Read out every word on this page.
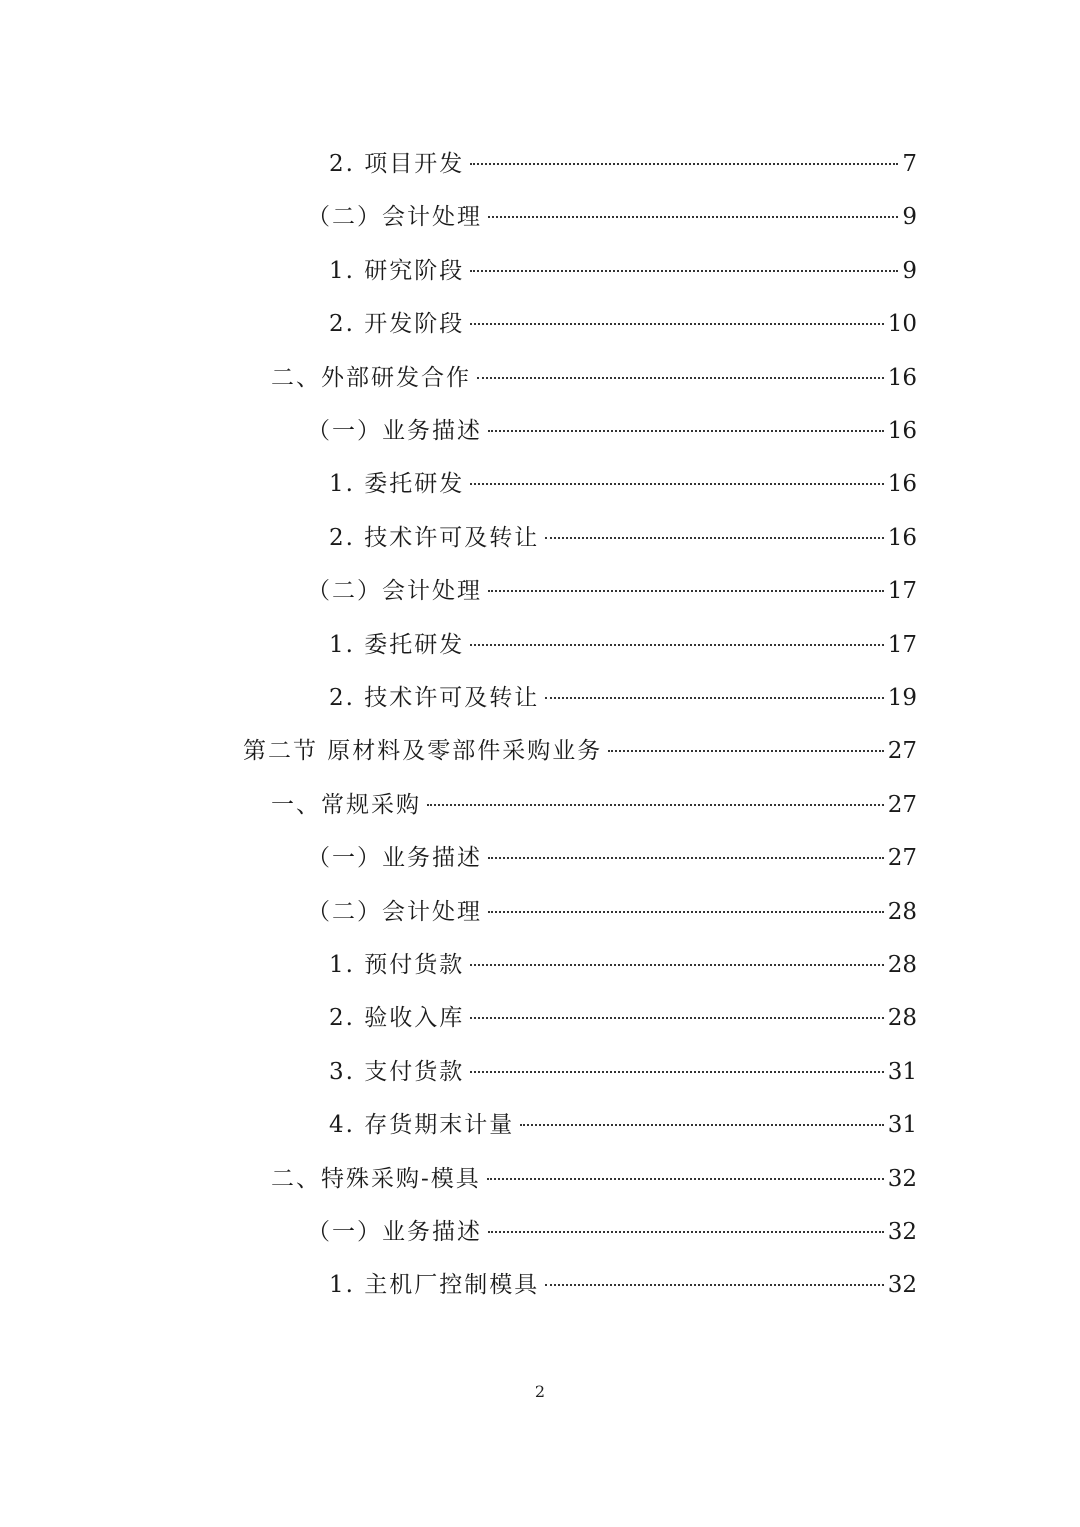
2. 项目开发	7
（二）会计处理	9
1. 研究阶段	9
2. 开发阶段	10
二、外部研发合作	16
（一）业务描述	16
1. 委托研发	16
2. 技术许可及转让	16
（二）会计处理	17
1. 委托研发	17
2. 技术许可及转让	19
第二节 原材料及零部件采购业务	27
一、常规采购	27
（一）业务描述	27
（二）会计处理	28
1. 预付货款	28
2. 验收入库	28
3. 支付货款	31
4. 存货期末计量	31
二、特殊采购-模具	32
（一）业务描述	32
1. 主机厂控制模具	32
2
